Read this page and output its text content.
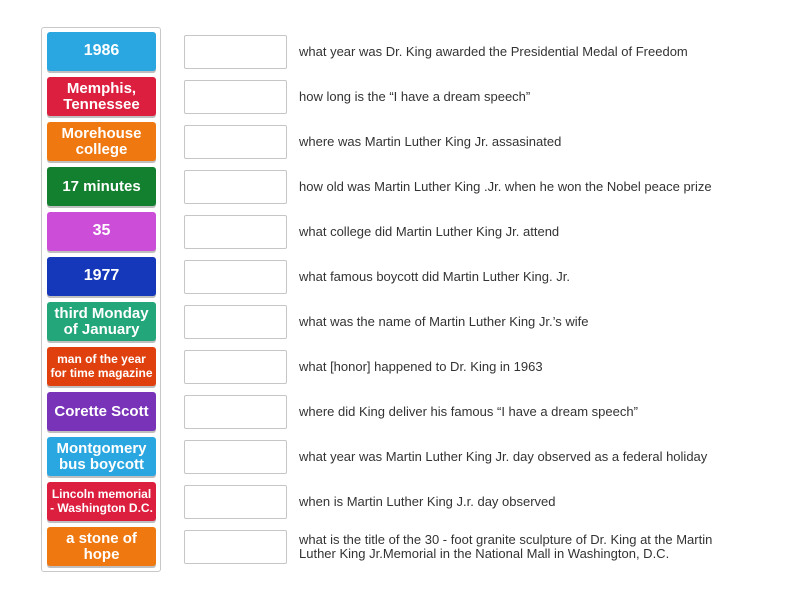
1986
Memphis, Tennessee
Morehouse college
17 minutes
35
1977
third Monday of January
man of the year for time magazine
Corette Scott
Montgomery bus boycott
Lincoln memorial - Washington D.C.
a stone of hope
what year was Dr. King awarded the Presidential Medal of Freedom
how long is the “I have a dream speech”
where was Martin Luther King Jr. assasinated
how old was Martin Luther King .Jr. when he won the Nobel peace prize
what college did Martin Luther King Jr. attend
what famous boycott did Martin Luther King. Jr.
what was the name of Martin Luther King Jr.’s wife
what [honor] happened to Dr. King in 1963
where did King deliver his famous “I have a dream speech”
what year was Martin Luther King Jr. day observed as a federal holiday
when is Martin Luther King J.r. day observed
what is the title of the 30 - foot granite sculpture of Dr. King at the Martin Luther King Jr.Memorial in the National Mall in Washington, D.C.
